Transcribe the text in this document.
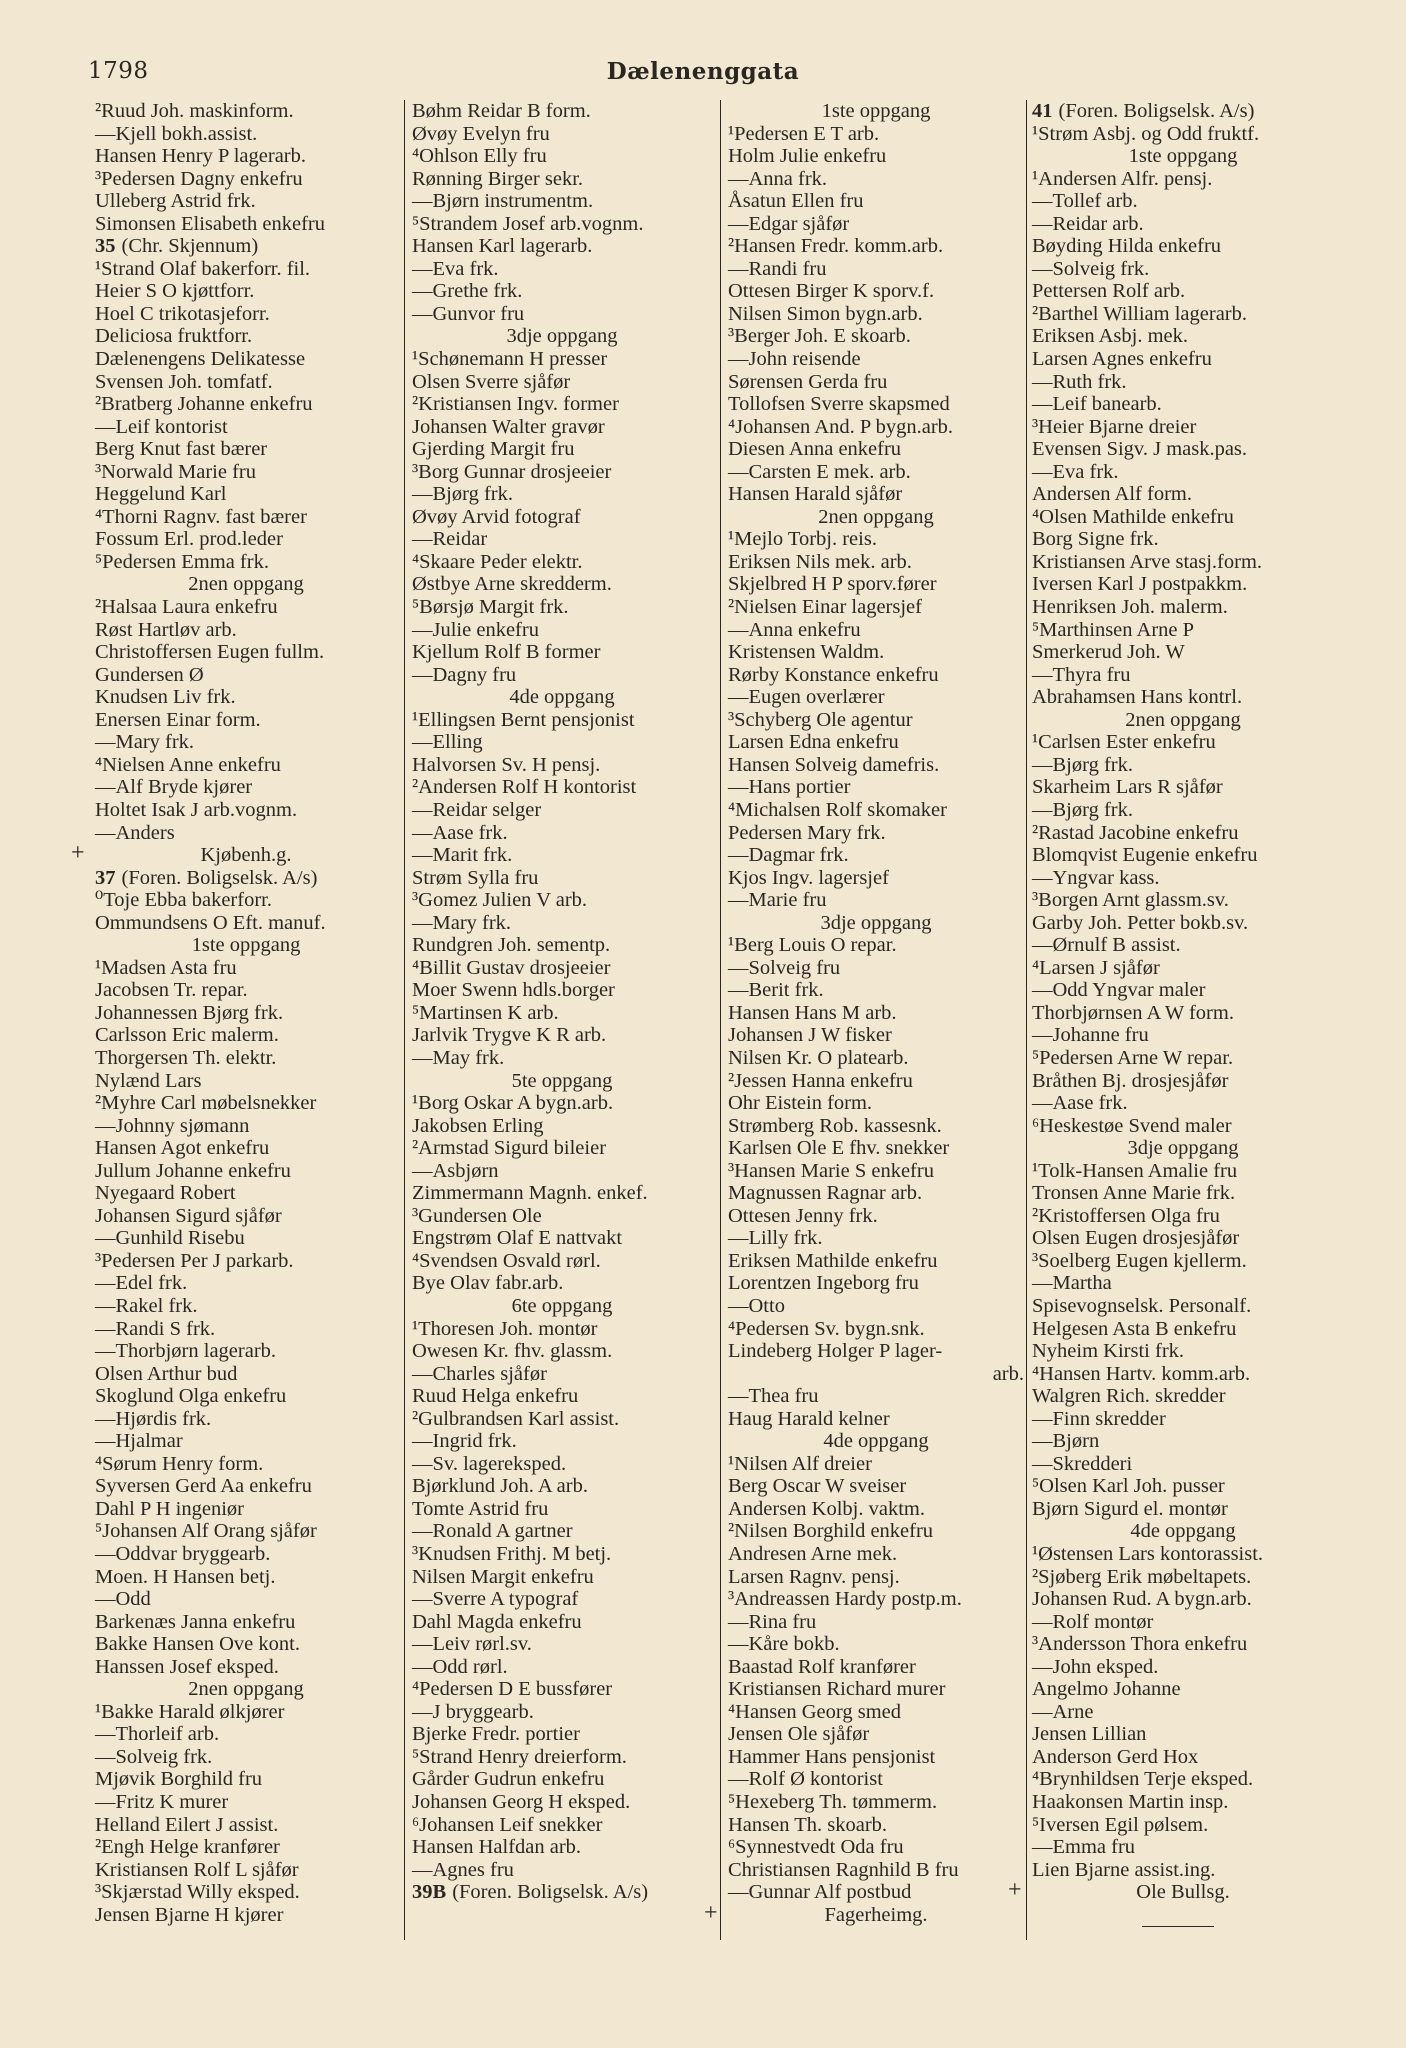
1798	Dælenenggata
²Ruud Joh. maskinform.
—Kjell bokh.assist.
Hansen Henry P lagerarb.
³Pedersen Dagny enkefru
Ulleberg Astrid frk.
Simonsen Elisabeth enkefru
35 (Chr. Skjennum)
¹Strand Olaf bakerforr. fil.
Heier S O kjøttforr.
Hoel C trikotasjeforr.
Deliciosa fruktforr.
Dælenengens Delikatesse
Svensen Joh. tomfatf.
²Bratberg Johanne enkefru
—Leif kontorist
Berg Knut fast bærer
³Norwald Marie fru
Heggelund Karl
⁴Thorni Ragnv. fast bærer
Fossum Erl. prod.leder
⁵Pedersen Emma frk.
2nen oppgang
²Halsaa Laura enkefru
Røst Hartløv arb.
Christoffersen Eugen fullm.
Gundersen Ø
Knudsen Liv frk.
Enersen Einar form.
—Mary frk.
⁴Nielsen Anne enkefru
—Alf Bryde kjører
Holtet Isak J arb.vognm.
—Anders
+	Kjøbenh.g.
37 (Foren. Boligselsk. A/s)
⁰Toje Ebba bakerforr.
Ommundsens O Eft. manuf.
1ste oppgang
¹Madsen Asta fru
Jacobsen Tr. repar.
Johannessen Bjørg frk.
Carlsson Eric malerm.
Thorgersen Th. elektr.
Nylænd Lars
²Myhre Carl møbelsnekker
—Johnny sjømann
Hansen Agot enkefru
Jullum Johanne enkefru
Nyegaard Robert
Johansen Sigurd sjåfør
—Gunhild Risebu
³Pedersen Per J parkarb.
—Edel frk.
—Rakel frk.
—Randi S frk.
—Thorbjørn lagerarb.
Olsen Arthur bud
Skoglund Olga enkefru
—Hjørdis frk.
—Hjalmar
⁴Sørum Henry form.
Syversen Gerd Aa enkefru
Dahl P H ingeniør
⁵Johansen Alf Orang sjåfør
—Oddvar bryggearb.
Moen. H Hansen betj.
—Odd
Barkenæs Janna enkefru
Bakke Hansen Ove kont.
Hanssen Josef eksped.
2nen oppgang
¹Bakke Harald ølkjører
—Thorleif arb.
—Solveig frk.
Mjøvik Borghild fru
—Fritz K murer
Helland Eilert J assist.
²Engh Helge kranfører
Kristiansen Rolf L sjåfør
³Skjærstad Willy eksped.
Jensen Bjarne H kjører
Bøhm Reidar B form.
Øvøy Evelyn fru
⁴Ohlson Elly fru
Rønning Birger sekr.
—Bjørn instrumentm.
⁵Strandem Josef arb.vognm.
Hansen Karl lagerarb.
—Eva frk.
—Grethe frk.
—Gunvor fru
3dje oppgang
¹Schønemann H presser
Olsen Sverre sjåfør
²Kristiansen Ingv. former
Johansen Walter gravør
Gjerding Margit fru
³Borg Gunnar drosjeeier
—Bjørg frk.
Øvøy Arvid fotograf
—Reidar
⁴Skaare Peder elektr.
Østbye Arne skredderm.
⁵Børsjø Margit frk.
—Julie enkefru
Kjellum Rolf B former
—Dagny fru
4de oppgang
¹Ellingsen Bernt pensjonist
—Elling
Halvorsen Sv. H pensj.
²Andersen Rolf H kontorist
—Reidar selger
—Aase frk.
—Marit frk.
Strøm Sylla fru
³Gomez Julien V arb.
—Mary frk.
Rundgren Joh. sementp.
⁴Billit Gustav drosjeeier
Moer Swenn hdls.borger
⁵Martinsen K arb.
Jarlvik Trygve K R arb.
—May frk.
5te oppgang
¹Borg Oskar A bygn.arb.
Jakobsen Erling
²Armstad Sigurd bileier
—Asbjørn
Zimmermann Magnh. enkef.
³Gundersen Ole
Engstrøm Olaf E nattvakt
⁴Svendsen Osvald rørl.
Bye Olav fabr.arb.
6te oppgang
¹Thoresen Joh. montør
Owesen Kr. fhv. glassm.
—Charles sjåfør
Ruud Helga enkefru
²Gulbrandsen Karl assist.
—Ingrid frk.
—Sv. lagereksped.
Bjørklund Joh. A arb.
Tomte Astrid fru
—Ronald A gartner
³Knudsen Frithj. M betj.
Nilsen Margit enkefru
—Sverre A typograf
Dahl Magda enkefru
—Leiv rørl.sv.
—Odd rørl.
⁴Pedersen D E bussfører
—J bryggearb.
Bjerke Fredr. portier
⁵Strand Henry dreierform.
Gårder Gudrun enkefru
Johansen Georg H eksped.
⁶Johansen Leif snekker
Hansen Halfdan arb.
—Agnes fru
39B (Foren. Boligselsk. A/s)
1ste oppgang
¹Pedersen E T arb.
Holm Julie enkefru
—Anna frk.
Åsatun Ellen fru
—Edgar sjåfør
²Hansen Fredr. komm.arb.
—Randi fru
Ottesen Birger K sporv.f.
Nilsen Simon bygn.arb.
³Berger Joh. E skoarb.
—John reisende
Sørensen Gerda fru
Tollofsen Sverre skapsmed
⁴Johansen And. P bygn.arb.
Diesen Anna enkefru
—Carsten E mek. arb.
Hansen Harald sjåfør
2nen oppgang
¹Mejlo Torbj. reis.
Eriksen Nils mek. arb.
Skjelbred H P sporv.fører
²Nielsen Einar lagersjef
—Anna enkefru
Kristensen Waldm.
Rørby Konstance enkefru
—Eugen overlærer
³Schyberg Ole agentur
Larsen Edna enkefru
Hansen Solveig damefris.
—Hans portier
⁴Michalsen Rolf skomaker
Pedersen Mary frk.
—Dagmar frk.
Kjos Ingv. lagersjef
—Marie fru
3dje oppgang
¹Berg Louis O repar.
—Solveig fru
—Berit frk.
Hansen Hans M arb.
Johansen J W fisker
Nilsen Kr. O platearb.
²Jessen Hanna enkefru
Ohr Eistein form.
Strømberg Rob. kassesnk.
Karlsen Ole E fhv. snekker
³Hansen Marie S enkefru
Magnussen Ragnar arb.
Ottesen Jenny frk.
—Lilly frk.
Eriksen Mathilde enkefru
Lorentzen Ingeborg fru
—Otto
⁴Pedersen Sv. bygn.snk.
Lindeberg Holger P lager-
arb.
—Thea fru
Haug Harald kelner
4de oppgang
¹Nilsen Alf dreier
Berg Oscar W sveiser
Andersen Kolbj. vaktm.
²Nilsen Borghild enkefru
Andresen Arne mek.
Larsen Ragnv. pensj.
³Andreassen Hardy postp.m.
—Rina fru
—Kåre bokb.
Baastad Rolf kranfører
Kristiansen Richard murer
⁴Hansen Georg smed
Jensen Ole sjåfør
Hammer Hans pensjonist
—Rolf Ø kontorist
⁵Hexeberg Th. tømmerm.
Hansen Th. skoarb.
⁶Synnestvedt Oda fru
Christiansen Ragnhild B fru
—Gunnar Alf postbud
+	Fagerheimg.
41 (Foren. Boligselsk. A/s)
¹Strøm Asbj. og Odd fruktf.
1ste oppgang
¹Andersen Alfr. pensj.
—Tollef arb.
—Reidar arb.
Bøyding Hilda enkefru
—Solveig frk.
Pettersen Rolf arb.
²Barthel William lagerarb.
Eriksen Asbj. mek.
Larsen Agnes enkefru
—Ruth frk.
—Leif banearb.
³Heier Bjarne dreier
Evensen Sigv. J mask.pas.
—Eva frk.
Andersen Alf form.
⁴Olsen Mathilde enkefru
Borg Signe frk.
Kristiansen Arve stasj.form.
Iversen Karl J postpakkm.
Henriksen Joh. malerm.
⁵Marthinsen Arne P
Smerkerud Joh. W
—Thyra fru
Abrahamsen Hans kontrl.
2nen oppgang
¹Carlsen Ester enkefru
—Bjørg frk.
Skarheim Lars R sjåfør
—Bjørg frk.
²Rastad Jacobine enkefru
Blomqvist Eugenie enkefru
—Yngvar kass.
³Borgen Arnt glassm.sv.
Garby Joh. Petter bokb.sv.
—Ørnulf B assist.
⁴Larsen J sjåfør
—Odd Yngvar maler
Thorbjørnsen A W form.
—Johanne fru
⁵Pedersen Arne W repar.
Bråthen Bj. drosjesjåfør
—Aase frk.
⁶Heskestøe Svend maler
3dje oppgang
¹Tolk-Hansen Amalie fru
Tronsen Anne Marie frk.
²Kristoffersen Olga fru
Olsen Eugen drosjesjåfør
³Soelberg Eugen kjellerm.
—Martha
Spisevognselsk. Personalf.
Helgesen Asta B enkefru
Nyheim Kirsti frk.
⁴Hansen Hartv. komm.arb.
Walgren Rich. skredder
—Finn skredder
—Bjørn
—Skredderi
⁵Olsen Karl Joh. pusser
Bjørn Sigurd el. montør
4de oppgang
¹Østensen Lars kontorassist.
²Sjøberg Erik møbeltapets.
Johansen Rud. A bygn.arb.
—Rolf montør
³Andersson Thora enkefru
—John eksped.
Angelmo Johanne
—Arne
Jensen Lillian
Anderson Gerd Hox
⁴Brynhildsen Terje eksped.
Haakonsen Martin insp.
⁵Iversen Egil pølsem.
—Emma fru
Lien Bjarne assist.ing.
+	Ole Bullsg.
